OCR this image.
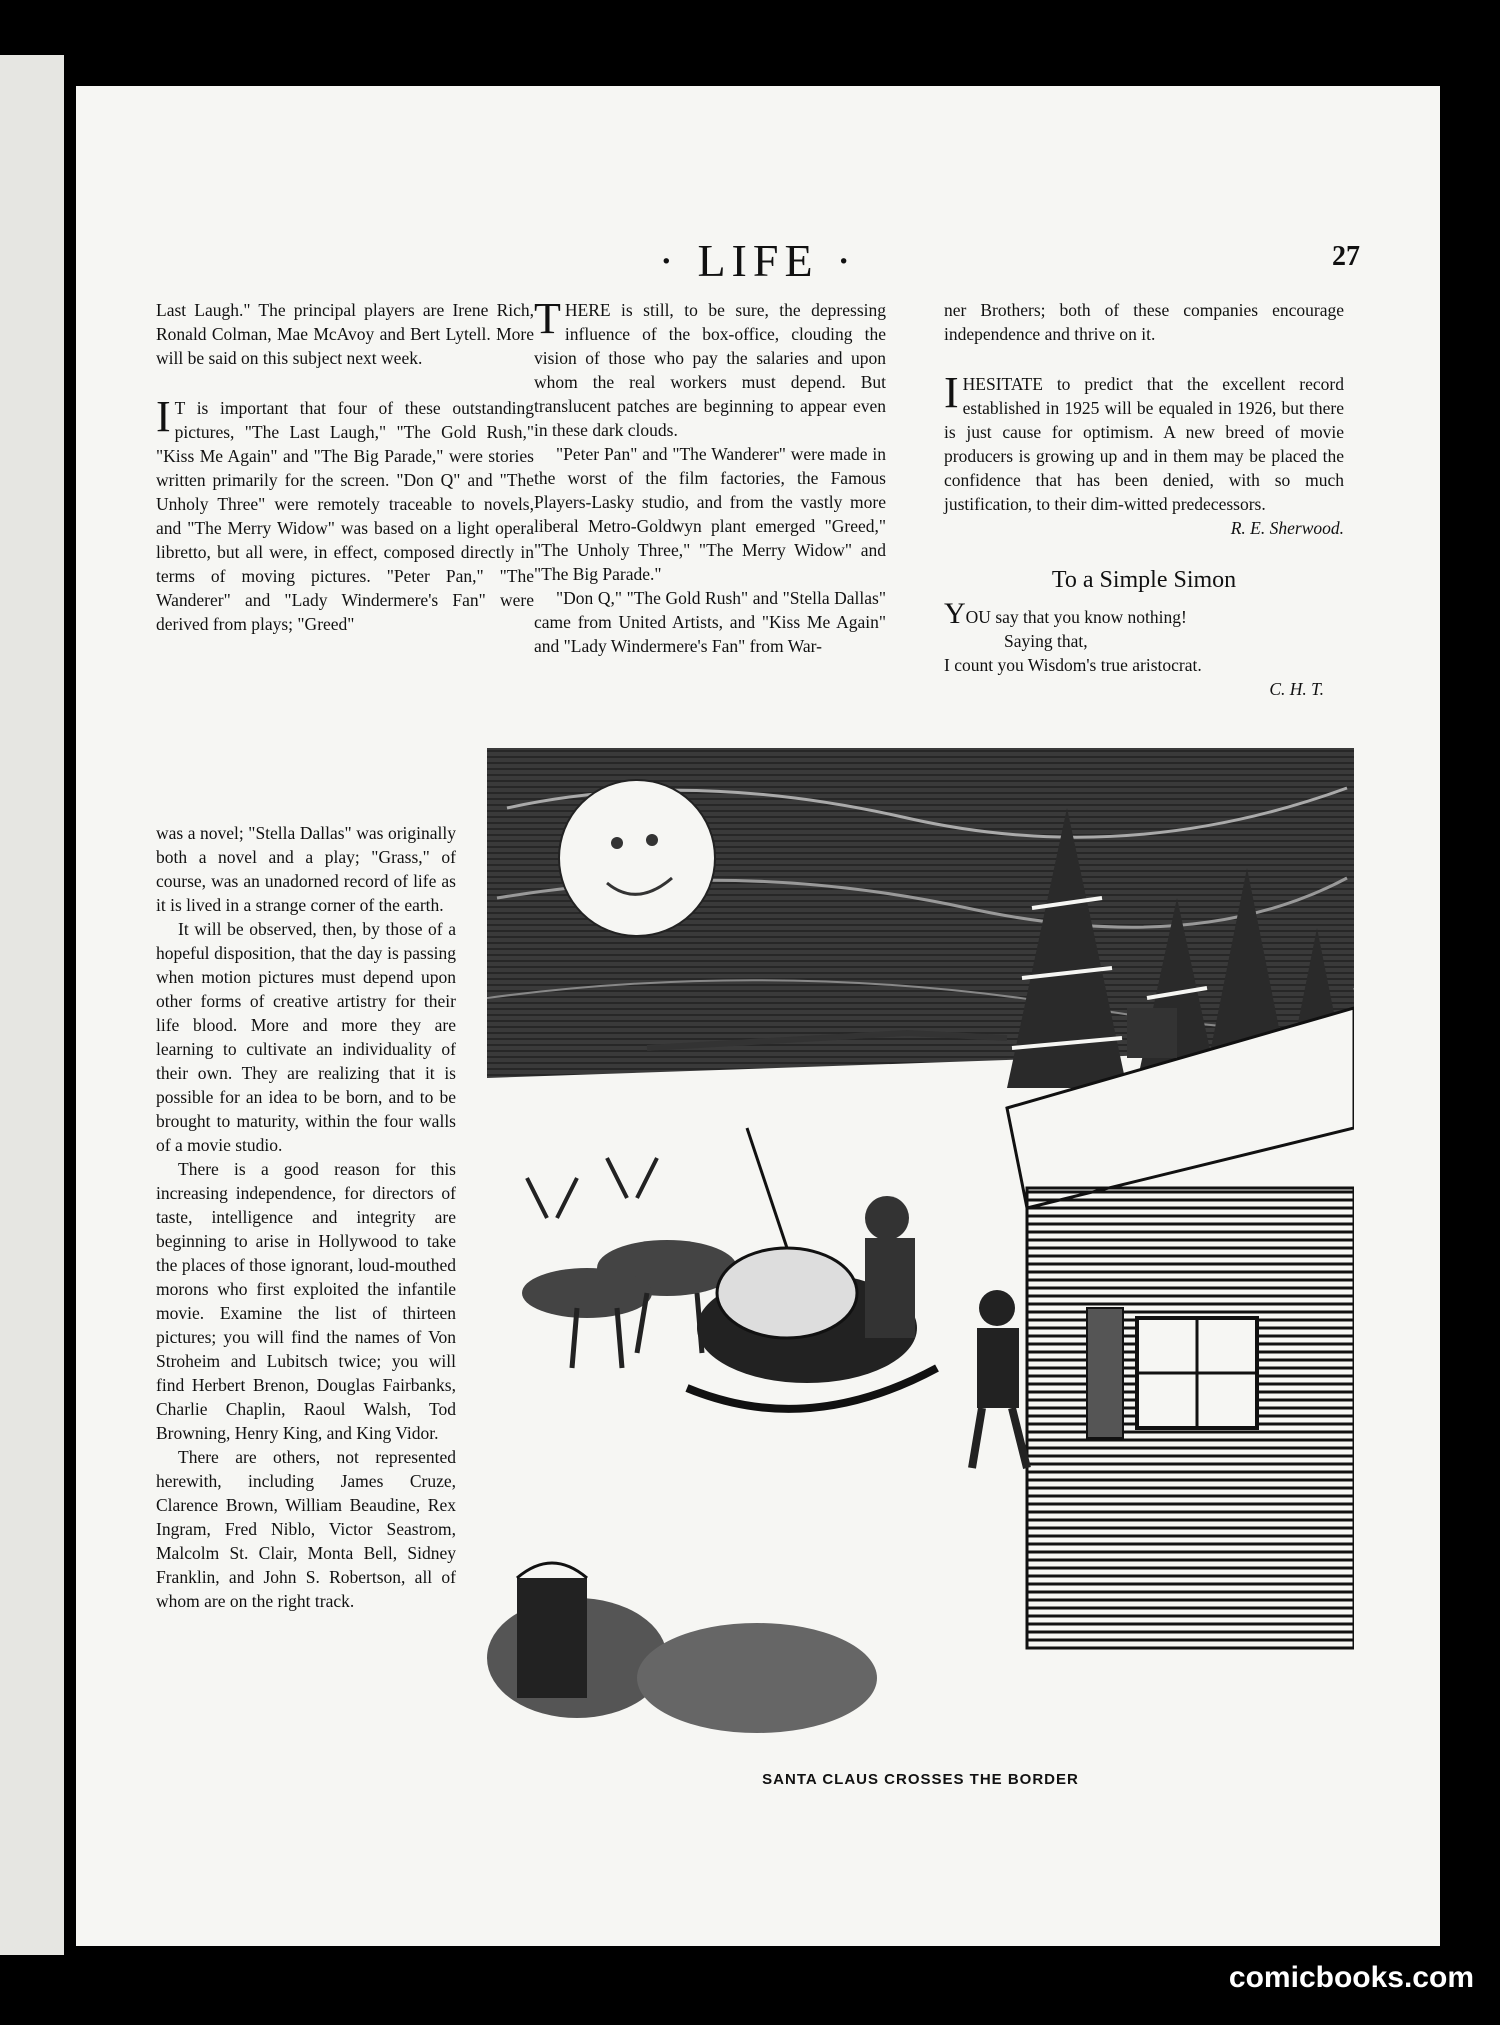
· LIFE ·	27

Last Laugh." The principal players are Irene Rich, Ronald Colman, Mae McAvoy and Bert Lytell. More will be said on this subject next week.

I T is important that four of these outstanding pictures, "The Last Laugh," "The Gold Rush," "Kiss Me Again" and "The Big Parade," were stories written primarily for the screen. "Don Q" and "The Unholy Three" were remotely traceable to novels, and "The Merry Widow" was based on a light opera libretto, but all were, in effect, composed directly in terms of moving pictures. "Peter Pan," "The Wanderer" and "Lady Windermere's Fan" were derived from plays; "Greed"

was a novel; "Stella Dallas" was originally both a novel and a play; "Grass," of course, was an unadorned record of life as it is lived in a strange corner of the earth.

It will be observed, then, by those of a hopeful disposition, that the day is passing when motion pictures must depend upon other forms of creative artistry for their life blood. More and more they are learning to cultivate an individuality of their own. They are realizing that it is possible for an idea to be born, and to be brought to maturity, within the four walls of a movie studio.

There is a good reason for this increasing independence, for directors of taste, intelligence and integrity are beginning to arise in Hollywood to take the places of those ignorant, loud-mouthed morons who first exploited the infantile movie. Examine the list of thirteen pictures; you will find the names of Von Stroheim and Lubitsch twice; you will find Herbert Brenon, Douglas Fairbanks, Charlie Chaplin, Raoul Walsh, Tod Browning, Henry King, and King Vidor.

There are others, not represented herewith, including James Cruze, Clarence Brown, William Beaudine, Rex Ingram, Fred Niblo, Victor Seastrom, Malcolm St. Clair, Monta Bell, Sidney Franklin, and John S. Robertson, all of whom are on the right track.

THERE is still, to be sure, the depressing influence of the box-office, clouding the vision of those who pay the salaries and upon whom the real workers must depend. But translucent patches are beginning to appear even in these dark clouds.

"Peter Pan" and "The Wanderer" were made in the worst of the film factories, the Famous Players-Lasky studio, and from the vastly more liberal Metro-Goldwyn plant emerged "Greed," "The Unholy Three," "The Merry Widow" and "The Big Parade."

"Don Q," "The Gold Rush" and "Stella Dallas" came from United Artists, and "Kiss Me Again" and "Lady Windermere's Fan" from War-

ner Brothers; both of these companies encourage independence and thrive on it.

IHESITATE to predict that the excellent record established in 1925 will be equaled in 1926, but there is just cause for optimism. A new breed of movie producers is growing up and in them may be placed the confidence that has been denied, with so much justification, to their dim-witted predecessors.

R. E. Sherwood.

To a Simple Simon

YOU say that you know nothing!

Saying that,

I count you Wisdom's true aristocrat.

C. H. T.

SANTA CLAUS CROSSES THE BORDER
comicbooks.com
